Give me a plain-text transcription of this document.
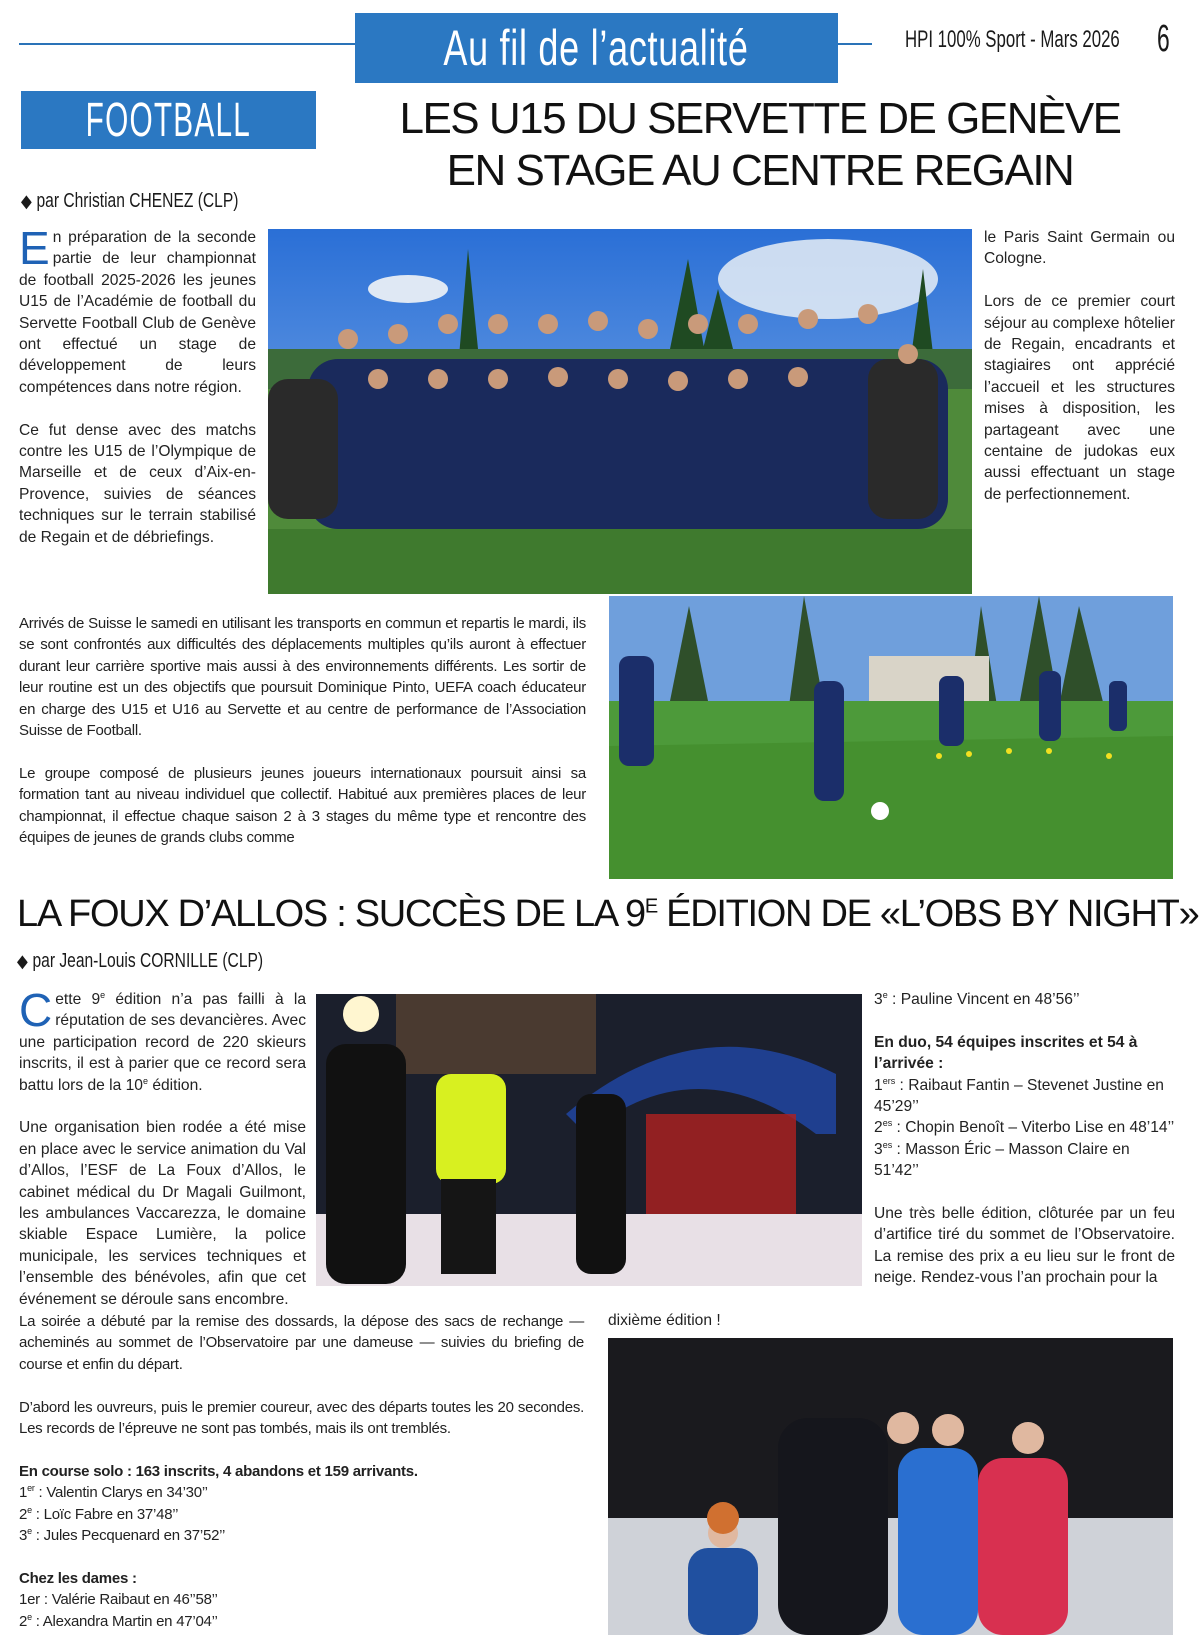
Au fil de l’actualité	HPI 100% Sport - Mars 2026 6
FOOTBALL	LES U15 DU SERVETTE DE GENÈVE
EN STAGE AU CENTRE REGAIN
◆ par Christian CHENEZ (CLP)

En préparation de la seconde partie de leur championnat de football 2025-2026 les jeunes U15 de l’Académie de football du Servette Football Club de Genève ont effectué un stage de développement de leurs compétences dans notre région.

Ce fut dense avec des matchs contre les U15 de l’Olympique de Marseille et de ceux d’Aix-en-Provence, suivies de séances techniques sur le terrain stabilisé de Regain et de débriefings.

le Paris Saint Germain ou Cologne.

Lors de ce premier court séjour au complexe hôtelier de Regain, encadrants et stagiaires ont apprécié l’accueil et les structures mises à disposition, les partageant avec une centaine de judokas eux aussi effectuant un stage de perfectionnement.

Arrivés de Suisse le samedi en utilisant les transports en commun et repartis le mardi, ils se sont confrontés aux difficultés des déplacements multiples qu’ils auront à effectuer durant leur carrière sportive mais aussi à des environnements différents. Les sortir de leur routine est un des objectifs que poursuit Dominique Pinto, UEFA coach éducateur en charge des U15 et U16 au Servette et au centre de performance de l’Association Suisse de Football.

Le groupe composé de plusieurs jeunes joueurs internationaux poursuit ainsi sa formation tant au niveau individuel que collectif. Habitué aux premières places de leur championnat, il effectue chaque saison 2 à 3 stages du même type et rencontre des équipes de jeunes de grands clubs comme

LA FOUX D’ALLOS : SUCCÈS DE LA $9^E$ ÉDITION DE «L’OBS BY NIGHT»
◆ par Jean-Louis CORNILLE (CLP)

Cette 9e édition n’a pas failli à la réputation de ses devancières. Avec une participation record de 220 skieurs inscrits, il est à parier que ce record sera battu lors de la 10e édition.

Une organisation bien rodée a été mise en place avec le service animation du Val d’Allos, l’ESF de La Foux d’Allos, le cabinet médical du Dr Magali Guilmont, les ambulances Vaccarezza, le domaine skiable Espace Lumière, la police municipale, les services techniques et l’ensemble des bénévoles, afin que cet événement se déroule sans encombre.

3e : Pauline Vincent en 48’56’’
En duo, 54 équipes inscrites et 54 à l’arrivée :
1ers : Raibaut Fantin – Stevenet Justine en 45’29’’
$2^{es}$ : Chopin Benoît – Viterbo Lise en 48’14’’
$3^{es}$ : Masson Éric – Masson Claire en 51’42’’

Une très belle édition, clôturée par un feu d’artifice tiré du sommet de l’Observatoire. La remise des prix a eu lieu sur le front de neige. Rendez-vous l’an prochain pour la

dixième édition !

La soirée a débuté par la remise des dossards, la dépose des sacs de rechange — acheminés au sommet de l’Observatoire par une dameuse — suivies du briefing de course et enfin du départ.

D’abord les ouvreurs, puis le premier coureur, avec des départs toutes les 20 secondes. Les records de l’épreuve ne sont pas tombés, mais ils ont tremblés.

En course solo : 163 inscrits, 4 abandons et 159 arrivants.
1er : Valentin Clarys en 34’30’’
2e : Loïc Fabre en 37’48’’
3e : Jules Pecquenard en 37’52’’
Chez les dames :
1er : Valérie Raibaut en 46’’58’’
2e : Alexandra Martin en 47’04’’
